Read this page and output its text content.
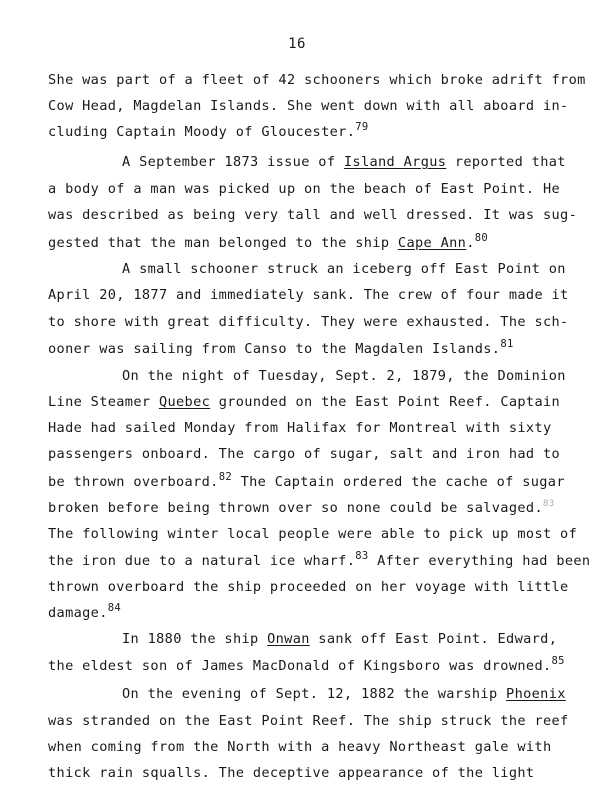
16
She was part of a fleet of 42 schooners which broke adrift from
Cow Head, Magdelan Islands. She went down with all aboard in-
cluding Captain Moody of Gloucester.$^{79}$
A September 1873 issue of Island Argus reported that
a body of a man was picked up on the beach of East Point. He
was described as being very tall and well dressed. It was sug-
gested that the man belonged to the ship Cape Ann.$^{80}$
A small schooner struck an iceberg off East Point on
April 20, 1877 and immediately sank. The crew of four made it
to shore with great difficulty. They were exhausted. The sch-
ooner was sailing from Canso to the Magdalen Islands.$^{81}$
On the night of Tuesday, Sept. 2, 1879, the Dominion
Line Steamer Quebec grounded on the East Point Reef. Captain
Hade had sailed Monday from Halifax for Montreal with sixty
passengers onboard. The cargo of sugar, salt and iron had to
be thrown overboard.$^{82}$ The Captain ordered the cache of sugar
broken before being thrown over so none could be salvaged.$^{83}$
The following winter local people were able to pick up most of
the iron due to a natural ice wharf.$^{83}$ After everything had been
thrown overboard the ship proceeded on her voyage with little
damage.$^{84}$
In 1880 the ship Onwan sank off East Point. Edward,
the eldest son of James MacDonald of Kingsboro was drowned.$^{85}$
On the evening of Sept. 12, 1882 the warship Phoenix
was stranded on the East Point Reef. The ship struck the reef
when coming from the North with a heavy Northeast gale with
thick rain squalls. The deceptive appearance of the light
